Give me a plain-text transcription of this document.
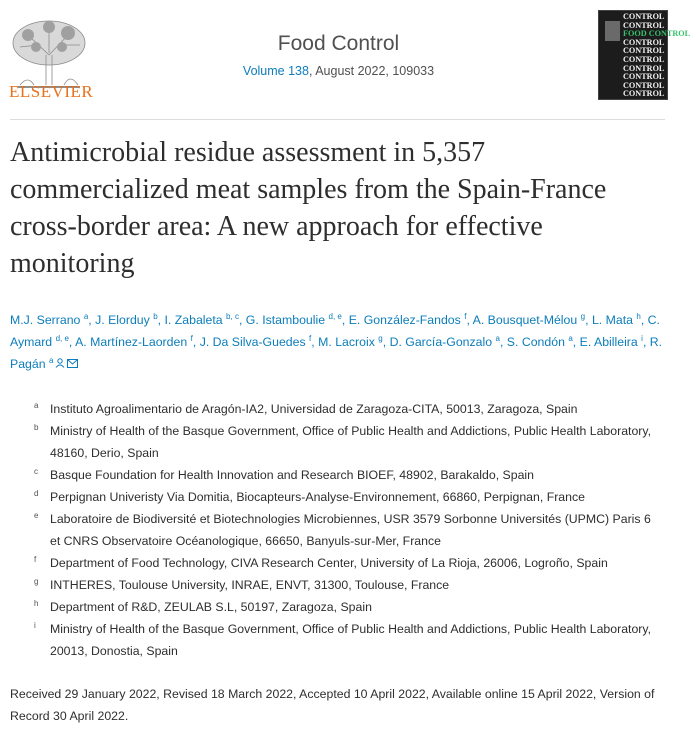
ELSEVIER
Food Control
Volume 138, August 2022, 109033
CONTROL
CONTROL
FOOD CONTROL
CONTROL
CONTROL
CONTROL
CONTROL
CONTROL
CONTROL
CONTROL
Antimicrobial residue assessment in 5,357 commercialized meat samples from the Spain-France cross-border area: A new approach for effective monitoring
M.J. Serrano $^a$, J. Elorduy $^b$, I. Zabaleta $^{b, c}$, G. Istamboulie $^{d, e}$, E. González-Fandos $^f$, A. Bousquet-Mélou $^g$, L. Mata $^h$, C. Aymard $^{d, e}$, A. Martínez-Laorden $^f$, J. Da Silva-Guedes $^f$, M. Lacroix $^g$, D. García-Gonzalo $^a$, S. Condón $^a$, E. Abilleira $^i$, R. Pagán $^a$
a Instituto Agroalimentario de Aragón-IA2, Universidad de Zaragoza-CITA, 50013, Zaragoza, Spain
b Ministry of Health of the Basque Government, Office of Public Health and Addictions, Public Health Laboratory, 48160, Derio, Spain
c Basque Foundation for Health Innovation and Research BIOEF, 48902, Barakaldo, Spain
d Perpignan Univeristy Via Domitia, Biocapteurs-Analyse-Environnement, 66860, Perpignan, France
e Laboratoire de Biodiversité et Biotechnologies Microbiennes, USR 3579 Sorbonne Universités (UPMC) Paris 6 et CNRS Observatoire Océanologique, 66650, Banyuls-sur-Mer, France
f Department of Food Technology, CIVA Research Center, University of La Rioja, 26006, Logroño, Spain
g INTHERES, Toulouse University, INRAE, ENVT, 31300, Toulouse, France
h Department of R&D, ZEULAB S.L, 50197, Zaragoza, Spain
i Ministry of Health of the Basque Government, Office of Public Health and Addictions, Public Health Laboratory, 20013, Donostia, Spain
Received 29 January 2022, Revised 18 March 2022, Accepted 10 April 2022, Available online 15 April 2022, Version of Record 30 April 2022.
